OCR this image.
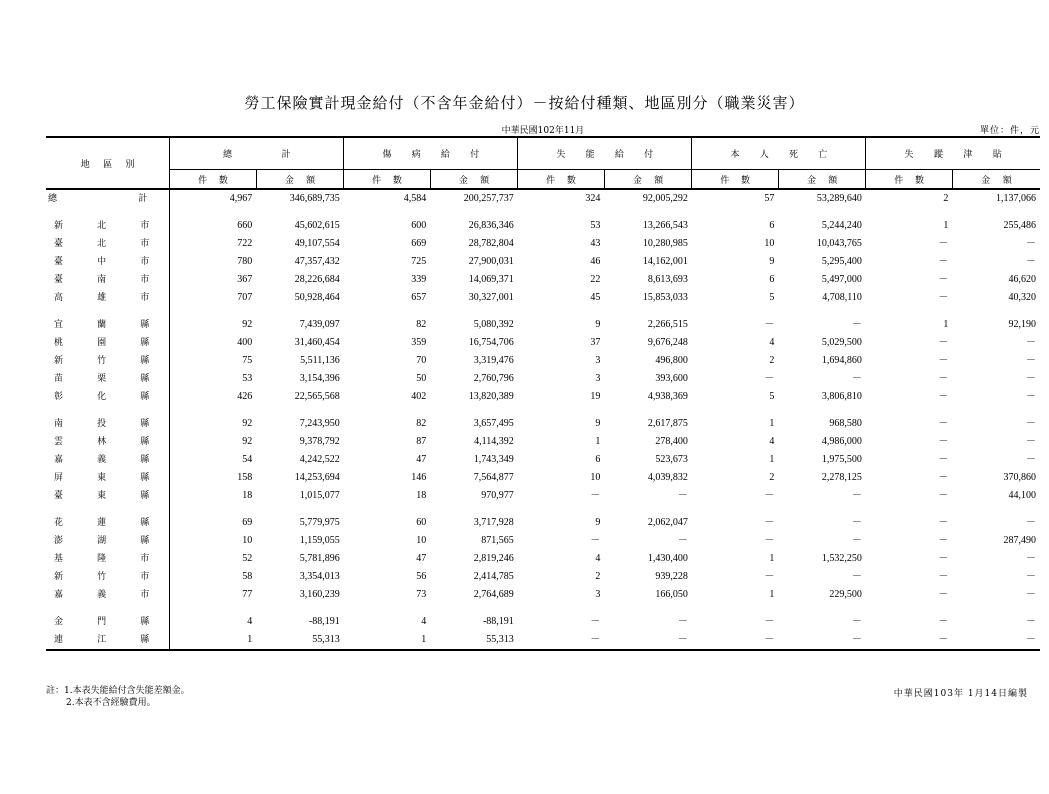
勞工保險實計現金給付（不含年金給付）－按給付種類、地區別分（職業災害）
中華民國102年11月	單位：件，元
地 區 別	總 計		傷 病 給 付		失 能 給 付		本 人 死 亡		失 蹤 津 貼	

	件 數	金 額	件 數	金 額	件 數	金 額	件 數	金 額	件 數	金 額

總 計	4,967	346,689,735	4,584	200,257,737	324	92,005,292	57	53,289,640	2	1,137,066

新 北 市	660	45,602,615	600	26,836,346	53	13,266,543	6	5,244,240	1	255,486

臺 北 市	722	49,107,554	669	28,782,804	43	10,280,985	10	10,043,765	－	－

臺 中 市	780	47,357,432	725	27,900,031	46	14,162,001	9	5,295,400	－	－

臺 南 市	367	28,226,684	339	14,069,371	22	8,613,693	6	5,497,000	－	46,620

高 雄 市	707	50,928,464	657	30,327,001	45	15,853,033	5	4,708,110	－	40,320

宜 蘭 縣	92	7,439,097	82	5,080,392	9	2,266,515	－	－	1	92,190

桃 園 縣	400	31,460,454	359	16,754,706	37	9,676,248	4	5,029,500	－	－

新 竹 縣	75	5,511,136	70	3,319,476	3	496,800	2	1,694,860	－	－

苗 栗 縣	53	3,154,396	50	2,760,796	3	393,600	－	－	－	－

彰 化 縣	426	22,565,568	402	13,820,389	19	4,938,369	5	3,806,810	－	－

南 投 縣	92	7,243,950	82	3,657,495	9	2,617,875	1	968,580	－	－

雲 林 縣	92	9,378,792	87	4,114,392	1	278,400	4	4,986,000	－	－

嘉 義 縣	54	4,242,522	47	1,743,349	6	523,673	1	1,975,500	－	－

屏 東 縣	158	14,253,694	146	7,564,877	10	4,039,832	2	2,278,125	－	370,860

臺 東 縣	18	1,015,077	18	970,977	－	－	－	－	－	44,100

花 蓮 縣	69	5,779,975	60	3,717,928	9	2,062,047	－	－	－	－

澎 湖 縣	10	1,159,055	10	871,565	－	－	－	－	－	287,490

基 隆 市	52	5,781,896	47	2,819,246	4	1,430,400	1	1,532,250	－	－

新 竹 市	58	3,354,013	56	2,414,785	2	939,228	－	－	－	－

嘉 義 市	77	3,160,239	73	2,764,689	3	166,050	1	229,500	－	－

金 門 縣	4	-88,191	4	-88,191	－	－	－	－	－	－

連 江 縣	1	55,313	1	55,313	－	－	－	－	－	－
註：1.本表失能給付含失能差額金。
2.本表不含經驗費用。
中華民國103年 1月14日編製
